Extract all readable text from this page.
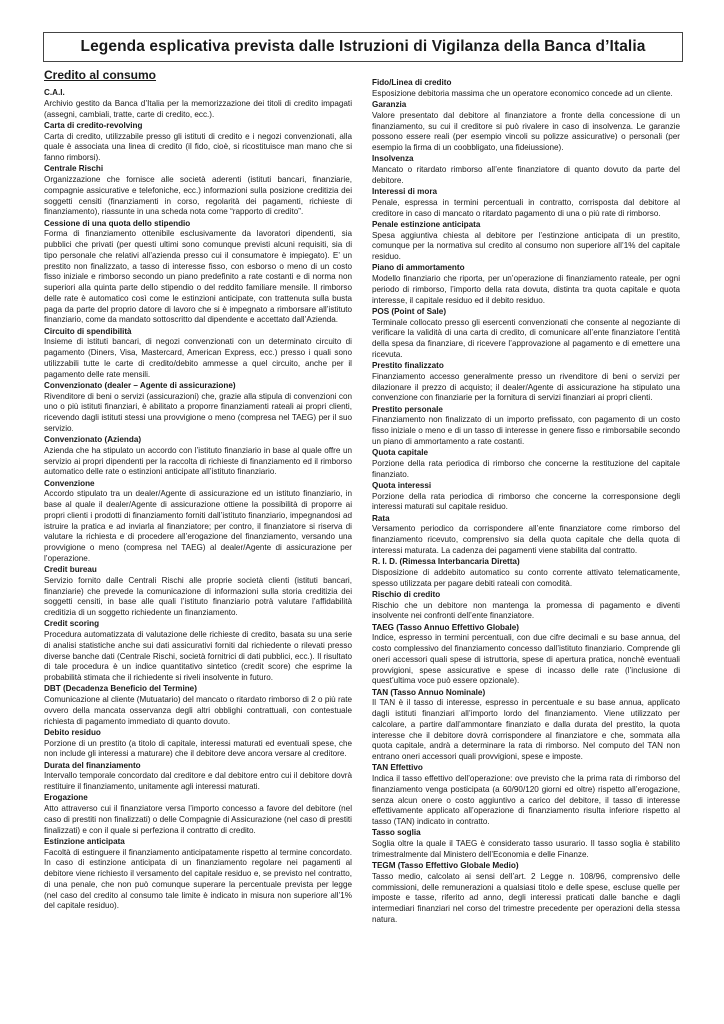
Legenda esplicativa prevista dalle Istruzioni di Vigilanza della Banca d’Italia
Credito al consumo

C.A.I.

Archivio gestito da Banca d’Italia per la memorizzazione dei titoli di credito impagati (assegni, cambiali, tratte, carte di credito, ecc.).

Carta di credito-revolving

Carta di credito, utilizzabile presso gli istituti di credito e i negozi convenzionati, alla quale è associata una linea di credito (il fido, cioè, si ricostituisce man mano che si fanno rimborsi).

Centrale Rischi

Organizzazione che fornisce alle società aderenti (istituti bancari, finanziarie, compagnie assicurative e telefoniche, ecc.) informazioni sulla posizione creditizia dei soggetti censiti (finanziamenti in corso, regolarità dei pagamenti, richieste di finanziamento), riassunte in una scheda nota come “rapporto di credito”.

Cessione di una quota dello stipendio

Forma di finanziamento ottenibile esclusivamente da lavoratori dipendenti, sia pubblici che privati (per questi ultimi sono comunque previsti alcuni requisiti, sia di tipo personale che relativi all’azienda presso cui il consumatore è impiegato). E’ un prestito non finalizzato, a tasso di interesse fisso, con esborso o meno di un costo fisso iniziale e rimborso secondo un piano predefinito a rate costanti e di norma non superiori alla quinta parte dello stipendio o del reddito familiare mensile. Il rimborso delle rate è automatico così come le estinzioni anticipate, con trattenuta sulla busta paga da parte del proprio datore di lavoro che si è impegnato a rimborsare all’istituto finanziario, come da mandato sottoscritto dal dipendente e accettato dall’Azienda.

Circuito di spendibilità

Insieme di istituti bancari, di negozi convenzionati con un determinato circuito di pagamento (Diners, Visa, Mastercard, American Express, ecc.) presso i quali sono utilizzabili tutte le carte di credito/debito ammesse a quel circuito, anche per il pagamento delle rate mensili.

Convenzionato (dealer – Agente di assicurazione)

Rivenditore di beni o servizi (assicurazioni) che, grazie alla stipula di convenzioni con uno o più istituti finanziari, è abilitato a proporre finanziamenti rateali ai propri clienti, ricevendo dagli istituti stessi una provvigione o meno (compresa nel TAEG) per il suo servizio.

Convenzionato (Azienda)

Azienda che ha stipulato un accordo con l’istituto finanziario in base al quale offre un servizio ai propri dipendenti per la raccolta di richieste di finanziamento ed il rimborso automatico delle rate o estinzioni anticipate all’istituto finanziario.

Convenzione

Accordo stipulato tra un dealer/Agente di assicurazione ed un istituto finanziario, in base al quale il dealer/Agente di assicurazione ottiene la possibilità di proporre ai propri clienti i prodotti di finanziamento forniti dall’istituto finanziario, impegnandosi ad istruire la pratica e ad inviarla al finanziatore; per contro, il finanziatore si riserva di valutare la richiesta e di procedere all’erogazione del finanziamento, versando una provvigione o meno (compresa nel TAEG) al dealer/Agente di assicurazione per l’operazione.

Credit bureau

Servizio fornito dalle Centrali Rischi alle proprie società clienti (istituti bancari, finanziarie) che prevede la comunicazione di informazioni sulla storia creditizia dei soggetti censiti, in base alle quali l’istituto finanziario potrà valutare l’affidabilità creditizia di un soggetto richiedente un finanziamento.

Credit scoring

Procedura automatizzata di valutazione delle richieste di credito, basata su una serie di analisi statistiche anche sui dati assicurativi forniti dal richiedente o rilevati presso diverse banche dati (Centrale Rischi, società fornitrici di dati pubblici, ecc.). Il risultato di tale procedura è un indice quantitativo sintetico (credit score) che esprime la probabilità stimata che il richiedente si riveli insolvente in futuro.

DBT (Decadenza Beneficio del Termine)

Comunicazione al cliente (Mutuatario) del mancato o ritardato rimborso di 2 o più rate ovvero della mancata osservanza degli altri obblighi contrattuali, con contestuale richiesta di pagamento immediato di quanto dovuto.

Debito residuo

Porzione di un prestito (a titolo di capitale, interessi maturati ed eventuali spese, che non include gli interessi a maturare) che il debitore deve ancora versare al creditore.

Durata del finanziamento

Intervallo temporale concordato dal creditore e dal debitore entro cui il debitore dovrà restituire il finanziamento, unitamente agli interessi maturati.

Erogazione

Atto attraverso cui il finanziatore versa l’importo concesso a favore del debitore (nel caso di prestiti non finalizzati) o delle Compagnie di Assicurazione (nel caso di prestiti finalizzati) e con il quale si perfeziona il contratto di credito.

Estinzione anticipata

Facoltà di estinguere il finanziamento anticipatamente rispetto al termine concordato. In caso di estinzione anticipata di un finanziamento regolare nei pagamenti al debitore viene richiesto il versamento del capitale residuo e, se previsto nel contratto, di una penale, che non può comunque superare la percentuale prevista per legge (nel caso del credito al consumo tale limite è indicato in misura non superiore all’1% del capitale residuo).

Fido/Linea di credito

Esposizione debitoria massima che un operatore economico concede ad un cliente.

Garanzia

Valore presentato dal debitore al finanziatore a fronte della concessione di un finanziamento, su cui il creditore si può rivalere in caso di insolvenza. Le garanzie possono essere reali (per esempio vincoli su polizze assicurative) o personali (per esempio la firma di un coobbligato, una fideiussione).

Insolvenza

Mancato o ritardato rimborso all’ente finanziatore di quanto dovuto da parte del debitore.

Interessi di mora

Penale, espressa in termini percentuali in contratto, corrisposta dal debitore al creditore in caso di mancato o ritardato pagamento di una o più rate di rimborso.

Penale estinzione anticipata

Spesa aggiuntiva chiesta al debitore per l’estinzione anticipata di un prestito, comunque per la normativa sul credito al consumo non superiore all’1% del capitale residuo.

Piano di ammortamento

Modello finanziario che riporta, per un’operazione di finanziamento rateale, per ogni periodo di rimborso, l’importo della rata dovuta, distinta tra quota capitale e quota interesse, il capitale residuo ed il debito residuo.

POS (Point of Sale)

Terminale collocato presso gli esercenti convenzionati che consente al negoziante di verificare la validità di una carta di credito, di comunicare all’ente finanziatore l’entità della spesa da finanziare, di ricevere l’approvazione al pagamento e di emettere una ricevuta.

Prestito finalizzato

Finanziamento accesso generalmente presso un rivenditore di beni o servizi per dilazionare il prezzo di acquisto; il dealer/Agente di assicurazione ha stipulato una convenzione con finanziarie per la fornitura di servizi finanziari ai propri clienti.

Prestito personale

Finanziamento non finalizzato di un importo prefissato, con pagamento di un costo fisso iniziale o meno e di un tasso di interesse in genere fisso e rimborsabile secondo un piano di ammortamento a rate costanti.

Quota capitale

Porzione della rata periodica di rimborso che concerne la restituzione del capitale finanziato.

Quota interessi

Porzione della rata periodica di rimborso che concerne la corresponsione degli interessi maturati sul capitale residuo.

Rata

Versamento periodico da corrispondere all’ente finanziatore come rimborso del finanziamento ricevuto, comprensivo sia della quota capitale che della quota di interessi maturata. La cadenza dei pagamenti viene stabilita dal contratto.

R. I. D. (Rimessa Interbancaria Diretta)

Disposizione di addebito automatico su conto corrente attivato telematicamente, spesso utilizzata per pagare debiti rateali con comodità.

Rischio di credito

Rischio che un debitore non mantenga la promessa di pagamento e diventi insolvente nei confronti dell’ente finanziatore.

TAEG (Tasso Annuo Effettivo Globale)

Indice, espresso in termini percentuali, con due cifre decimali e su base annua, del costo complessivo del finanziamento concesso dall’istituto finanziario. Comprende gli oneri accessori quali spese di istruttoria, spese di apertura pratica, nonchè eventuali provvigioni, spese assicurative e spese di incasso delle rate (l’inclusione di quest’ultima voce può essere opzionale).

TAN (Tasso Annuo Nominale)

Il TAN è il tasso di interesse, espresso in percentuale e su base annua, applicato dagli istituti finanziari all’importo lordo del finanziamento. Viene utilizzato per calcolare, a partire dall’ammontare finanziato e dalla durata del prestito, la quota interesse che il debitore dovrà corrispondere al finanziatore e che, sommata alla quota capitale, andrà a determinare la rata di rimborso. Nel computo del TAN non entrano oneri accessori quali provvigioni, spese e imposte.

TAN Effettivo

Indica il tasso effettivo dell’operazione: ove previsto che la prima rata di rimborso del finanziamento venga posticipata (a 60/90/120 giorni ed oltre) rispetto all’erogazione, senza alcun onere o costo aggiuntivo a carico del debitore, il tasso di interesse effettivamente applicato all’operazione di finanziamento risulta inferiore rispetto al tasso (TAN) indicato in contratto.

Tasso soglia

Soglia oltre la quale il TAEG è considerato tasso usurario. Il tasso soglia è stabilito trimestralmente dal Ministero dell’Economia e delle Finanze.

TEGM (Tasso Effettivo Globale Medio)

Tasso medio, calcolato ai sensi dell’art. 2 Legge n. 108/96, comprensivo delle commissioni, delle remunerazioni a qualsiasi titolo e delle spese, escluse quelle per imposte e tasse, riferito ad anno, degli interessi praticati dalle banche e dagli intermediari finanziari nel corso del trimestre precedente per operazioni della stessa natura.
